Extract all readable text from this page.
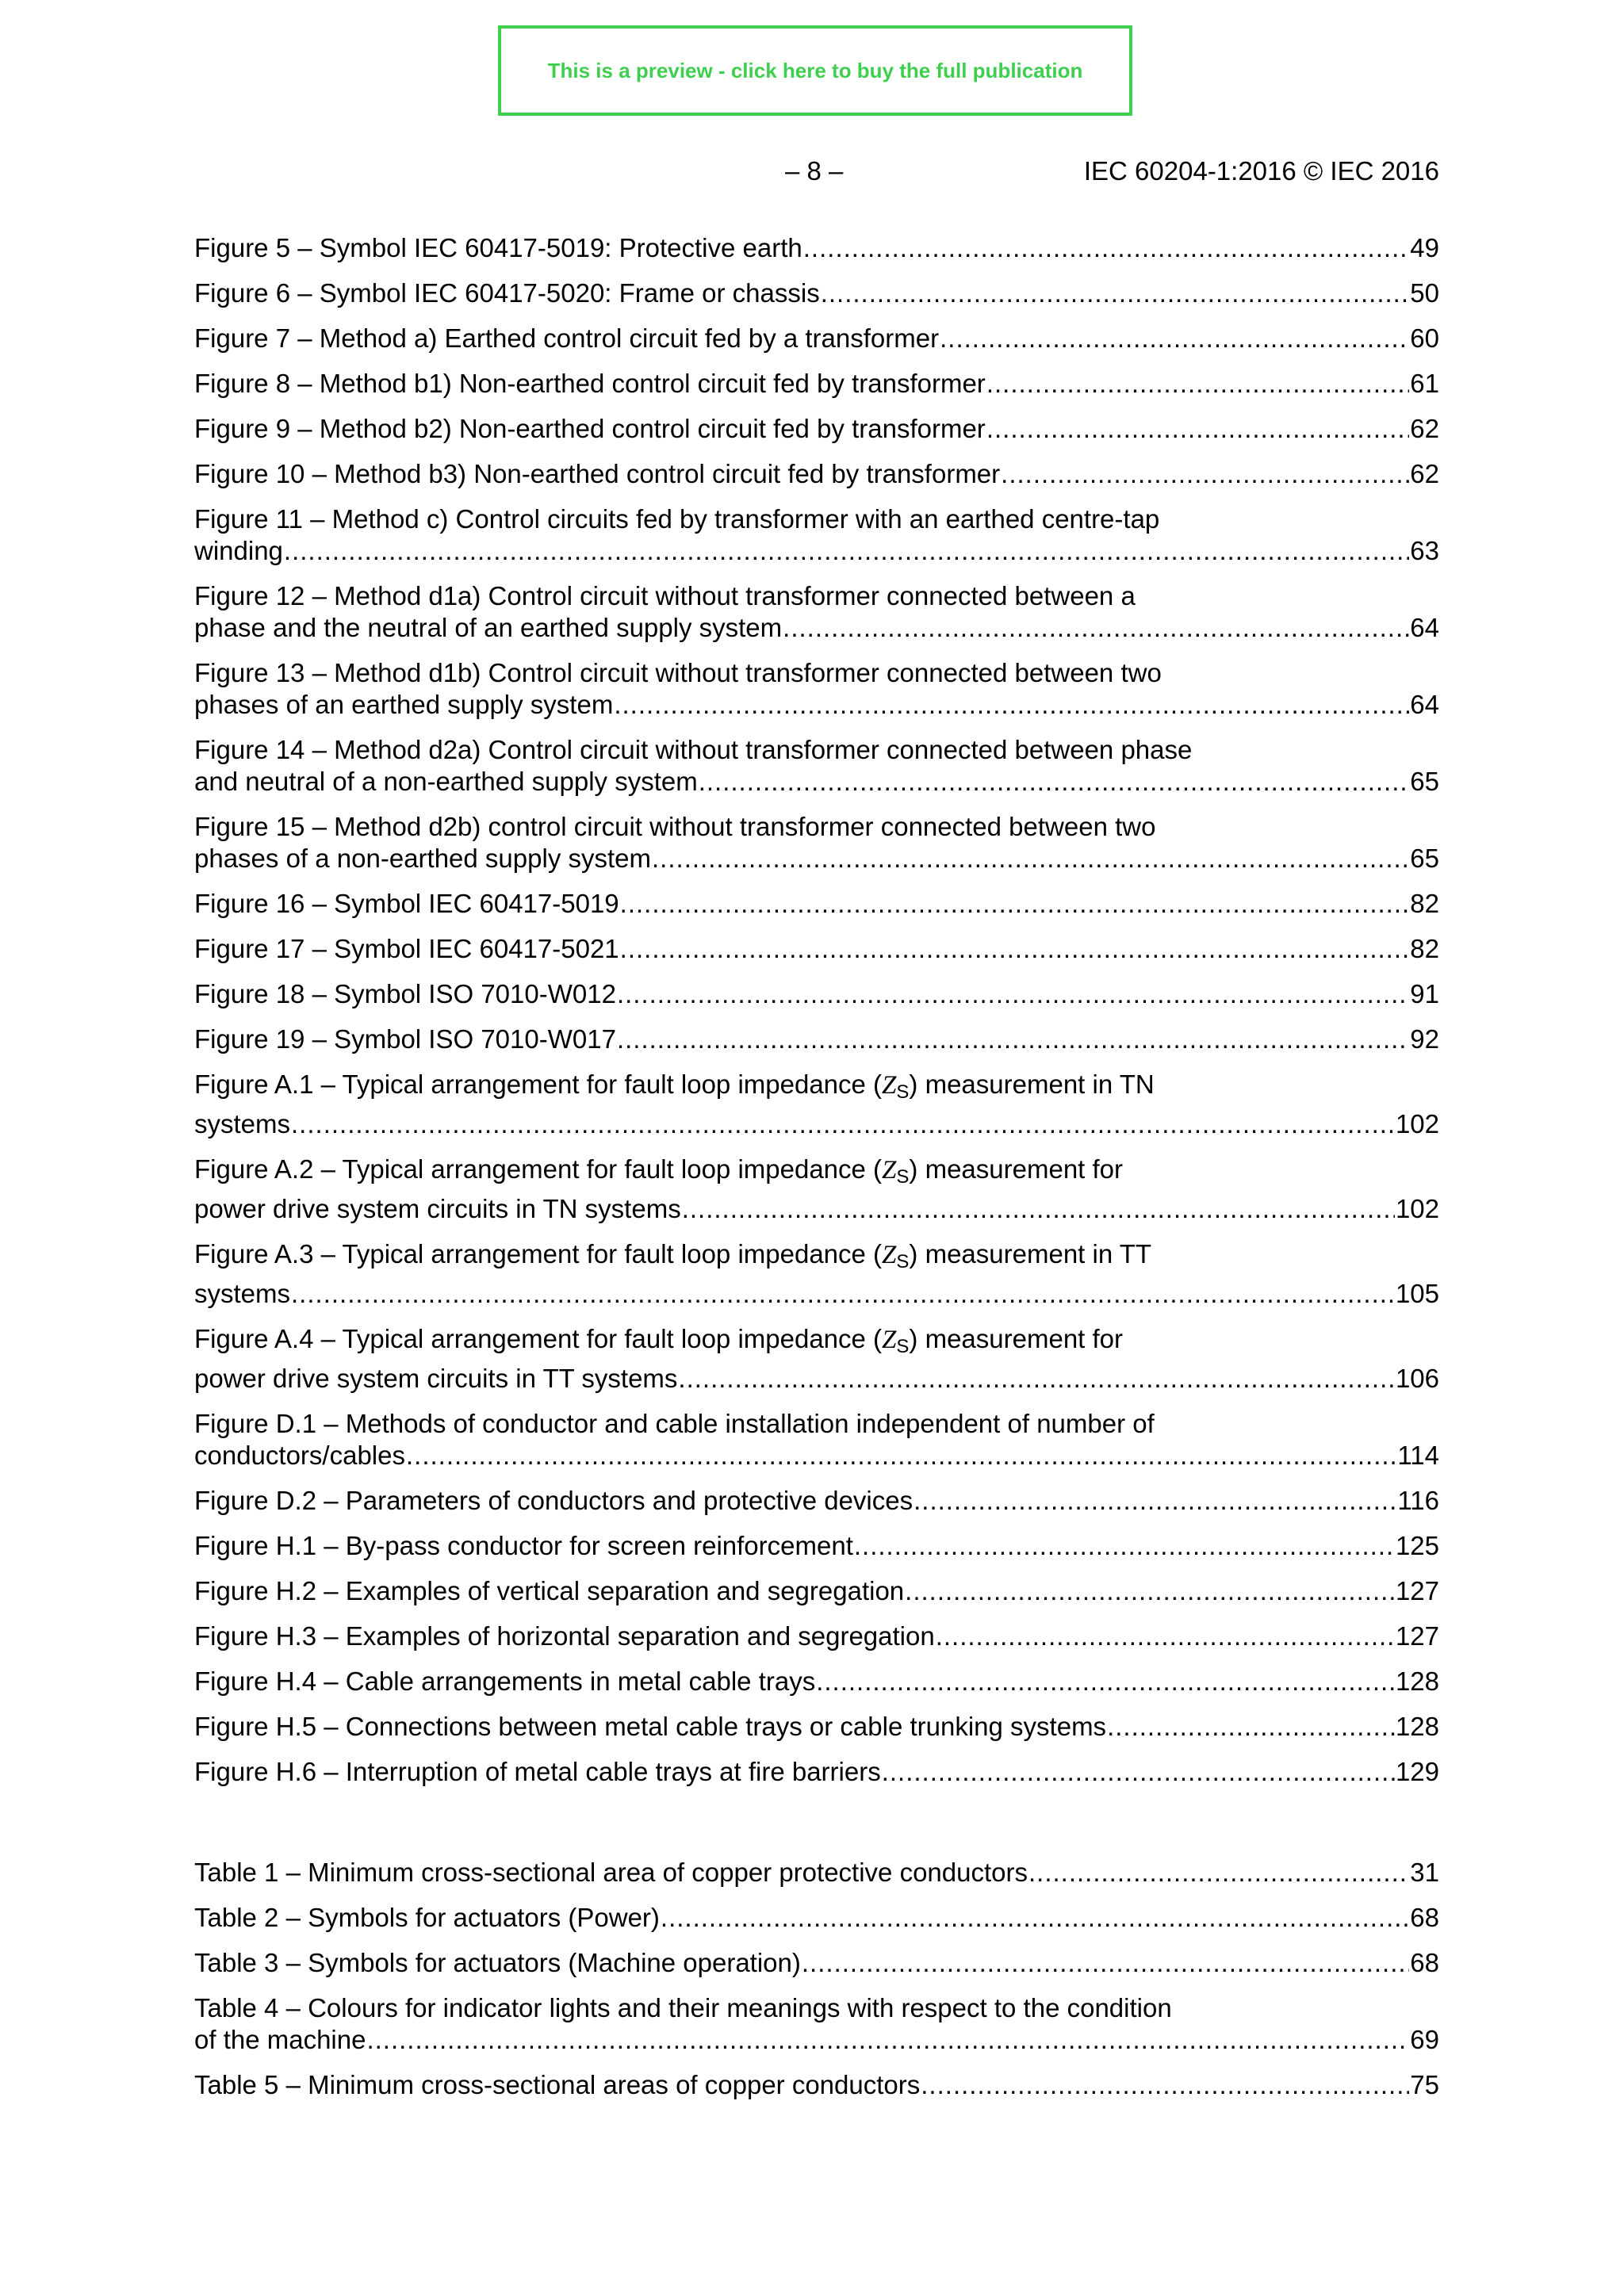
This is a preview - click here to buy the full publication
– 8 –	IEC 60204-1:2016 © IEC 2016
Figure 5 – Symbol IEC 60417-5019: Protective earth .....	49
Figure 6 – Symbol IEC 60417-5020: Frame or chassis .....	50
Figure 7 – Method a) Earthed control circuit fed by a transformer .....	60
Figure 8 – Method b1) Non-earthed control circuit fed by transformer .....	61
Figure 9 – Method b2) Non-earthed control circuit fed by transformer .....	62
Figure 10 – Method b3) Non-earthed control circuit fed by transformer .....	62
Figure 11 – Method c) Control circuits fed by transformer with an earthed centre-tap
winding .....	63
Figure 12 – Method d1a) Control circuit without transformer connected between a
phase and the neutral of an earthed supply system .....	64
Figure 13 – Method d1b) Control circuit without transformer connected between two
phases of an earthed supply system .....	64
Figure 14 – Method d2a) Control circuit without transformer connected between phase
and neutral of a non-earthed supply system .....	65
Figure 15 – Method d2b) control circuit without transformer connected between two
phases of a non-earthed supply system .....	65
Figure 16 – Symbol IEC 60417-5019 .....	82
Figure 17 – Symbol IEC 60417-5021 .....	82
Figure 18 – Symbol ISO 7010-W012 .....	91
Figure 19 – Symbol ISO 7010-W017 .....	92
Figure A.1 – Typical arrangement for fault loop impedance (ZS) measurement in TN
systems .....	102
Figure A.2 – Typical arrangement for fault loop impedance (ZS) measurement for
power drive system circuits in TN systems .....	102
Figure A.3 – Typical arrangement for fault loop impedance (ZS) measurement in TT
systems .....	105
Figure A.4 – Typical arrangement for fault loop impedance (ZS) measurement for
power drive system circuits in TT systems .....	106
Figure D.1 – Methods of conductor and cable installation independent of number of
conductors/cables .....	114
Figure D.2 – Parameters of conductors and protective devices .....	116
Figure H.1 – By-pass conductor for screen reinforcement .....	125
Figure H.2 – Examples of vertical separation and segregation .....	127
Figure H.3 – Examples of horizontal separation and segregation .....	127
Figure H.4 – Cable arrangements in metal cable trays .....	128
Figure H.5 – Connections between metal cable trays or cable trunking systems .....	128
Figure H.6 – Interruption of metal cable trays at fire barriers .....	129
Table 1 – Minimum cross-sectional area of copper protective conductors .....	31
Table 2 – Symbols for actuators (Power) .....	68
Table 3 – Symbols for actuators (Machine operation) .....	68
Table 4 – Colours for indicator lights and their meanings with respect to the condition
of the machine .....	69
Table 5 – Minimum cross-sectional areas of copper conductors .....	75
